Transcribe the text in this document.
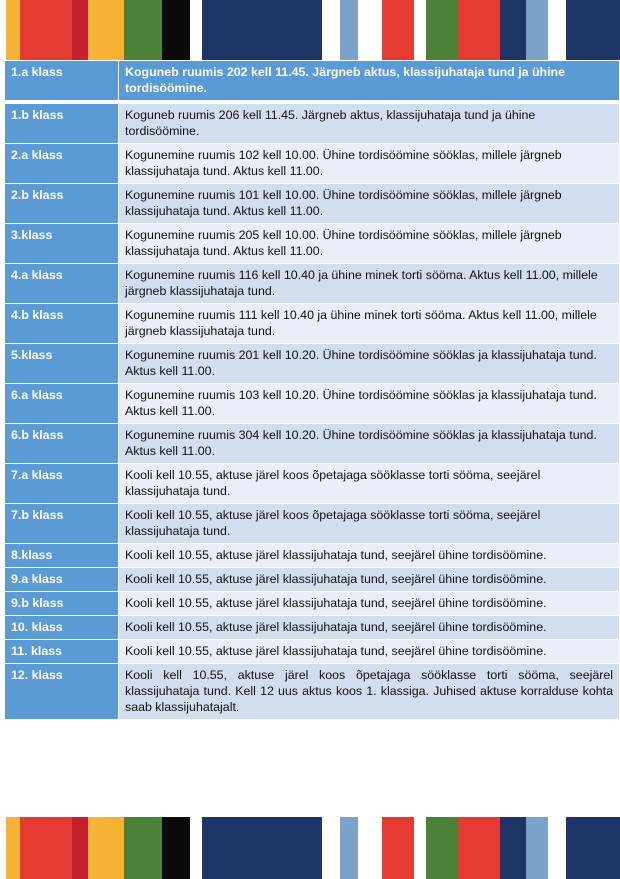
1.a klass	Koguneb ruumis 202 kell 11.45. Järgneb aktus, klassijuhataja tund ja ühine tordisöömine.
1.b klass	Koguneb ruumis 206 kell 11.45. Järgneb aktus, klassijuhataja tund ja ühine tordisöömine.
2.a klass	Kogunemine ruumis 102 kell 10.00. Ühine tordisöömine sööklas, millele järgneb klassijuhataja tund. Aktus kell 11.00.
2.b klass	Kogunemine ruumis 101 kell 10.00. Ühine tordisöömine sööklas, millele järgneb klassijuhataja tund. Aktus kell 11.00.
3.klass	Kogunemine ruumis 205 kell 10.00. Ühine tordisöömine sööklas, millele järgneb klassijuhataja tund. Aktus kell 11.00.
4.a klass	Kogunemine ruumis 116 kell 10.40 ja ühine minek torti sööma. Aktus kell 11.00, millele järgneb klassijuhataja tund.
4.b klass	Kogunemine ruumis 111 kell 10.40 ja ühine minek torti sööma. Aktus kell 11.00, millele järgneb klassijuhataja tund.
5.klass	Kogunemine ruumis 201 kell 10.20. Ühine tordisöömine sööklas ja klassijuhataja tund. Aktus kell 11.00.
6.a klass	Kogunemine ruumis 103 kell 10.20. Ühine tordisöömine sööklas ja klassijuhataja tund. Aktus kell 11.00.
6.b klass	Kogunemine ruumis 304 kell 10.20. Ühine tordisöömine sööklas ja klassijuhataja tund. Aktus kell 11.00.
7.a klass	Kooli kell 10.55, aktuse järel koos õpetajaga sööklasse torti sööma, seejärel klassijuhataja tund.
7.b klass	Kooli kell 10.55, aktuse järel koos õpetajaga sööklasse torti sööma, seejärel klassijuhataja tund.
8.klass	Kooli kell 10.55, aktuse järel klassijuhataja tund, seejärel ühine tordisöömine.
9.a klass	Kooli kell 10.55, aktuse järel klassijuhataja tund, seejärel ühine tordisöömine.
9.b klass	Kooli kell 10.55, aktuse järel klassijuhataja tund, seejärel ühine tordisöömine.
10. klass	Kooli kell 10.55, aktuse järel klassijuhataja tund, seejärel ühine tordisöömine.
11. klass	Kooli kell 10.55, aktuse järel klassijuhataja tund, seejärel ühine tordisöömine.
12. klass	Kooli kell 10.55, aktuse järel koos õpetajaga sööklasse torti sööma, seejärel klassijuhataja tund. Kell 12 uus aktus koos 1. klassiga. Juhised aktuse korralduse kohta saab klassijuhatajalt.
